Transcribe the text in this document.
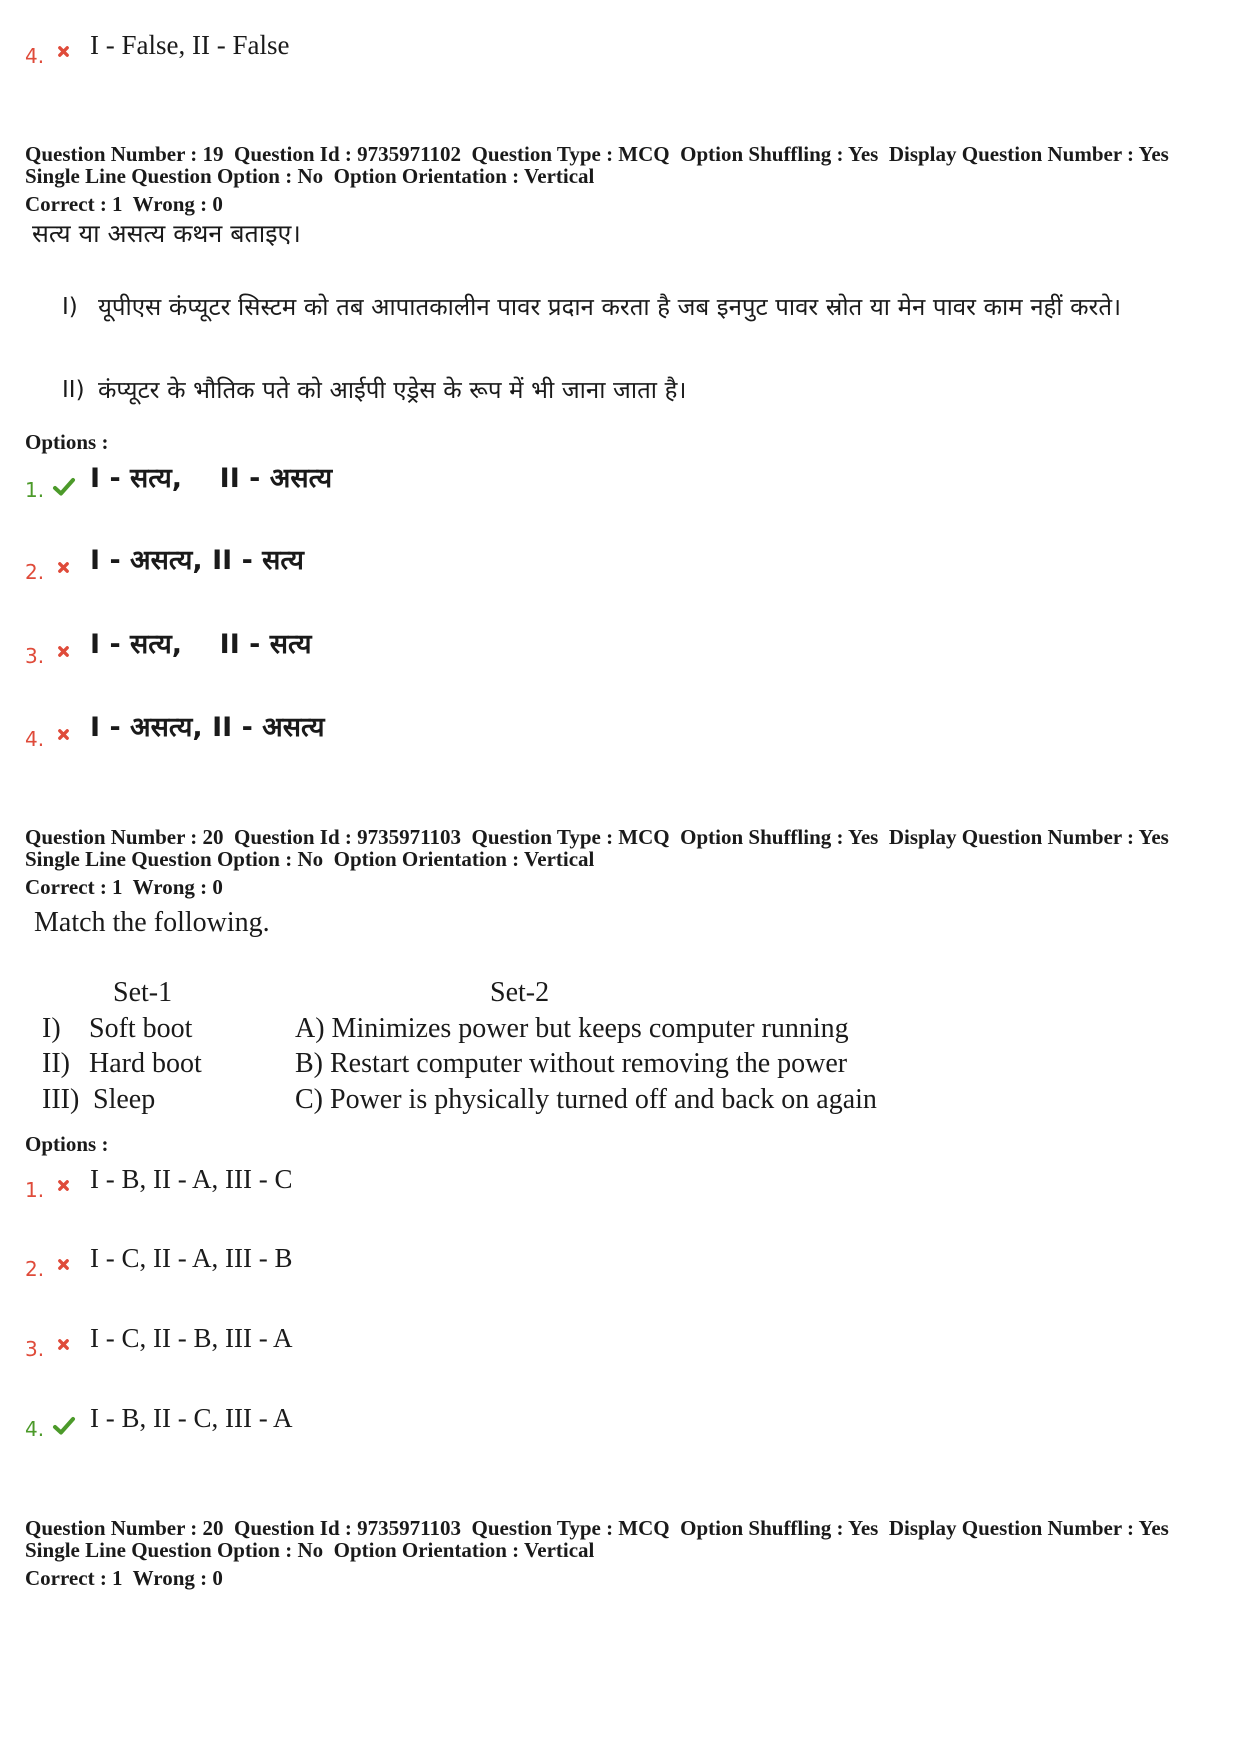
4. I - False, II - False
Question Number : 19  Question Id : 9735971102  Question Type : MCQ  Option Shuffling : Yes  Display Question Number : Yes
Single Line Question Option : No  Option Orientation : Vertical
Correct : 1  Wrong : 0
सत्य या असत्य कथन बताइए।
I) यूपीएस कंप्यूटर सिस्टम को तब आपातकालीन पावर प्रदान करता है जब इनपुट पावर स्रोत या मेन पावर काम नहीं करते।
II) कंप्यूटर के भौतिक पते को आईपी एड्रेस के रूप में भी जाना जाता है।
Options :
1. I - सत्य,    II - असत्य
2. I - असत्य, II - सत्य
3. I - सत्य,    II - सत्य
4. I - असत्य, II - असत्य
Question Number : 20  Question Id : 9735971103  Question Type : MCQ  Option Shuffling : Yes  Display Question Number : Yes
Single Line Question Option : No  Option Orientation : Vertical
Correct : 1  Wrong : 0
Match the following.
Set-1	Set-2
I) Soft boot	A) Minimizes power but keeps computer running
II) Hard boot	B) Restart computer without removing the power
III) Sleep	C) Power is physically turned off and back on again
Options :
1. I - B, II - A, III - C
2. I - C, II - A, III - B
3. I - C, II - B, III - A
4. I - B, II - C, III - A
Question Number : 20  Question Id : 9735971103  Question Type : MCQ  Option Shuffling : Yes  Display Question Number : Yes
Single Line Question Option : No  Option Orientation : Vertical
Correct : 1  Wrong : 0
